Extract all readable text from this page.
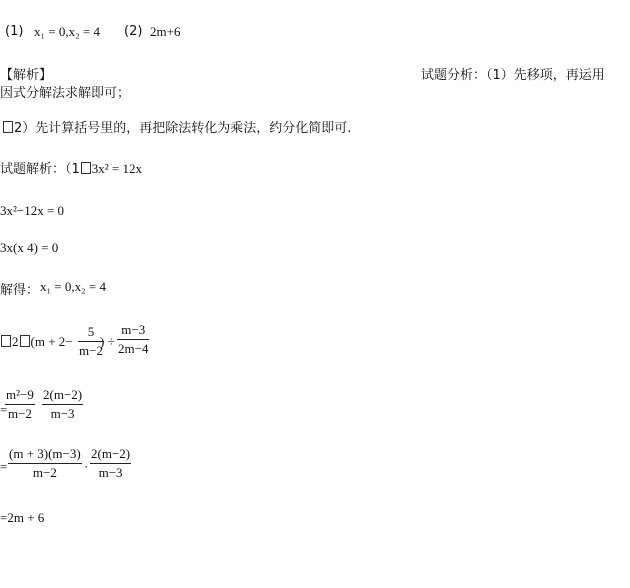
(1) x₁ = 0,x₂ = 4 (2) 2m+6
【解析】	试题分析：（1）先移项，再运用
因式分解法求解即可；
2）先计算括号里的，再把除法转化为乘法，约分化简即可.
试题解析：（1 3x² = 12x
3x²−12x = 0
3x(x 4) = 0
解得： x₁ = 0,x₂ = 4
2 (m + 2−
5
m−2
) ÷
m−3
2m−4
=
m²−9
m−2
2(m−2)
m−3
=
(m + 3)(m−3)
m−2	·
2(m−2)
m−3
=2m + 6
